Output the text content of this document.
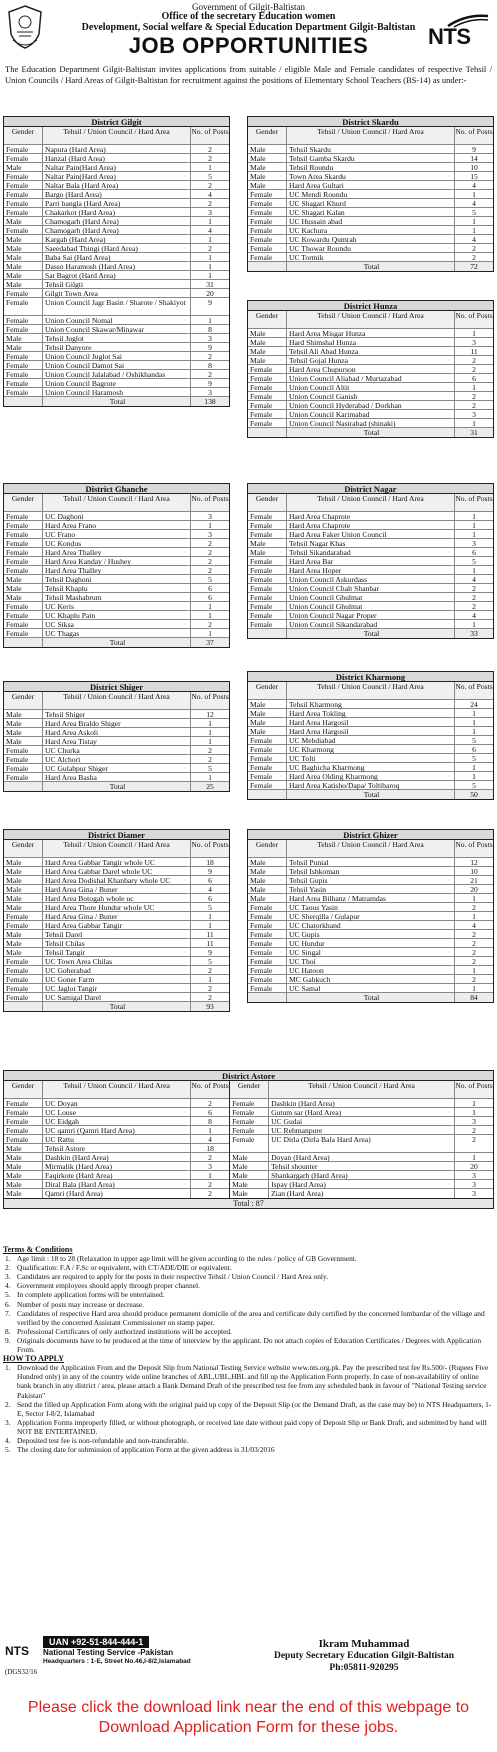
Government of Gilgit-Baltistan
Office of the secretary Education women
Development, Social welfare & Special Education Department Gilgit-Baltistan
JOB OPPORTUNITIES	NTS
The Education Department Gilgit-Baltistan invites applications from suitable / eligible Male and Female candidates of respective Tehsil / Union Councils / Hard Areas of Gilgit-Baltistan for recruitment against the positions of Elementary School Teachers (BS-14) as under:-
District Gilgit
Gender	Tehsil / Union Council / Hard Area	No. of Posts
Female	Napura (Hard Area)	2
Female	Hanzal (Hard Area)	2
Male	Naltar Pain(Hard Area)	1
Female	Naltar Pain(Hard Area)	5
Female	Naltar Bala (Hard Area)	2
Female	Bargo (Hard Area)	4
Female	Parri bangla (Hard Area)	2
Female	Chakarkot (Hard Area)	3
Male	Chamogarh (Hard Area)	1
Female	Chamogarh (Hard Area)	4
Male	Kargah (Hard Area)	1
Male	Saeedabad Thingi (Hard Area)	2
Male	Baba Sai (Hard Area)	1
Male	Dasso Haramosh (Hard Area)	1
Male	Sat Bagrot (Hard Area)	1
Male	Tehsil Gilgti	31
Female	Gilgit Town Area	20
Female	Union Council Jagr Basin / Sharote / Shakiyot	9
Female	Union Council Nomal	1
Female	Union Council Skawar/Minawar	8
Male	Tehsil Juglot	3
Male	Tehsil Danyore	9
Female	Union Council Juglot Sai	2
Female	Union Council Damot Sai	8
Female	Union Council Jalalabad / Oshikhandas	2
Female	Union Council Bagrote	9
Female	Union Council Haramosh	3
Total	138
District Skardu
Gender	Tehsil / Union Council / Hard Area	No. of Posts
Male	Tehsil Skardu	9
Male	Tehsil Gamba Skardu	14
Male	Tehsil Roundu	10
Male	Town Area Skardu	15
Male	Hard Area Gultari	4
Female	UC Mendi Roundu	1
Female	UC Shagari Khurd	4
Female	UC Shagari Kalan	5
Female	UC Hussain abad	1
Female	UC Kachura	1
Female	UC Kowardu Qumrah	4
Female	UC Thowar Roundu	2
Female	UC Tormik	2
Total	72
District Hunza
Gender	Tehsil / Union Council / Hard Area	No. of Posts
Male	Hard Area Misgar Hunza	1
Male	Hard Shimshal Hunza	3
Male	Tehsil Ali Abad Hunza	11
Male	Tehsil Gojal Hunza	2
Female	Hard Area Chupurson	2
Female	Union Council Aliabad / Murtazabad	6
Female	Union Council Altit	1
Female	Union Council Ganish	2
Female	Union Council Hyderabad / Dorkhan	2
Female	Union Council Karimabad	3
Female	Union Council Nasirabad (shinaki)	1
Total	31
District Ghanche
Gender	Tehsil / Union Council / Hard Area	No. of Posts
Female	UC Daghoni	3
Female	Hard Area Frano	1
Female	UC Frano	3
Female	UC Kondus	2
Female	Hard Area Thalley	2
Female	Hard Area Kanday / Hushey	2
Female	Hard Area Thalley	2
Male	Tehsil Daghoni	5
Male	Tehsil Khaplu	6
Male	Tehsil Mashabrum	6
Female	UC Keris	1
Female	UC Khaplu Pain	1
Female	UC Siksa	2
Female	UC Thagas	1
Total	37
District Nagar
Gender	Tehsil / Union Council / Hard Area	No. of Posts
Female	Hard Area Chaprote	1
Female	Hard Area Chaprote	1
Female	Hard Area Faker Union Council	1
Male	Tehsil Nagar Khas	3
Male	Tehsil Sikandarabad	6
Female	Hard Area Bar	5
Female	Hard Area Hoper	1
Female	Union Council Askurdass	4
Female	Union Council Chalt Shanbar	2
Female	Union Council Ghulmat	2
Female	Union Council Ghulmat	2
Female	Union Council Nagar Proper	4
Female	Union Council Sikandarabad	1
Total	33
District Shiger
Gender	Tehsil / Union Council / Hard Area	No. of Posts
Male	Tehsil Shiger	12
Male	Hard Area Braldo Shiger	1
Male	Hard Area Askoli	1
Male	Hard Area Tistay	1
Female	UC Churka	2
Female	UC Alchori	2
Female	UC Gulabpur Shiger	5
Female	Hard Area Basha	1
Total	25
District Kharmong
Gender	Tehsil / Union Council / Hard Area	No. of Posts
Male	Tehsil Kharmong	24
Male	Hard Area Tokling	1
Male	Hard Area Hargosil	1
Male	Hard Area Hargosil	1
Female	UC Mehdiabad	5
Female	UC Kharmong	6
Female	UC Tolti	5
Female	UC Baghicha Kharmong	1
Female	Hard Area Olding Kharmong	1
Female	Hard Area Katisho/Dapa/ Toltibaroq	5
Total	50
District Diamer
Gender	Tehsil / Union Council / Hard Area	No. of Posts
Male	Hard Area Gabbar Tangir whole UC	18
Male	Hard Area Gabbar Darel whole UC	9
Male	Hard Area Dodishal Khanbary whole UC	6
Male	Hard Area Gina / Buner	4
Male	Hard Area Botogah whole uc	6
Male	Hard Area Thore Hundur whole UC	5
Female	Hard Area Gina / Buner	1
Female	Hard Area Gabbar Tangir	1
Male	Tehsil Darel	11
Male	Tehsil Chilas	11
Male	Tehsil Tangir	9
Female	UC Town Area Chilas	5
Female	UC Goherabad	2
Female	UC Goner Farm	1
Female	UC Jaglot Tangir	2
Female	UC Samigal Darel	2
Total	93
District Ghizer
Gender	Tehsil / Union Council / Hard Area	No. of Posts
Male	Tehsil Punial	12
Male	Tehsil Ishkoman	10
Male	Tehsil Gupis	21
Male	Tehsil Yasin	20
Male	Hard Area Bilhanz / Matramdas	1
Female	UC Taous Yasin	2
Female	UC Sherqilla / Gulapur	1
Female	UC Chatorkhand	4
Female	UC Gupis	2
Female	UC Hundur	2
Female	UC Singal	2
Female	UC Thoi	2
Female	UC Hatoon	1
Female	MC Gahkuch	2
Female	UC Samal	1
Total	84
District Astore
Gender	Tehsil / Union Council / Hard Area	No. of Posts
Female	UC Doyan	2
Female	UC Louse	6
Female	UC Eidgah	8
Female	UC qamri (Qamri Hard Area)	1
Female	UC Rattu	4
Male	Tehsil Astore	18
Male	Dashkin (Hard Area)	2
Male	Mirmalik (Hard Area)	3
Male	Faqirkote (Hard Area)	1
Male	Diral Bala (Hard Area)	2
Male	Qamri (Hard Area)	2
Gender	Tehsil / Union Council / Hard Area	No. of Posts
Female	Dashkin (Hard Area)	1
Female	Gutum sar (Hard Area)	1
Female	UC Gudai	3
Female	UC Rehmanpure	2
Female	UC Dirla (Dirla Bala Hard Area)	2
Male	Doyan (Hard Area)	1
Male	Tehsil shounter	20
Male	Shankargarh (Hard Area)	3
Male	Ispay (Hard Area)	3
Male	Zian (Hard Area)	3
Total : 87
Terms & Conditions
1. Age limit : 18 to 28 (Relaxation in upper age limit will be given according to the rules / policy of GB Government.
2. Qualification: F.A / F.Sc or equivalent, with CT/ADE/DIE or equivalent.
3. Candidates are required to apply for the posts in their respective Tehsil / Union Council / Hard Area only.
4. Government employees should apply through proper channel.
5. In complete application forms will be entertained.
6. Number of posts may increase or decrease.
7. Candidates of respective Hard area should produce permanent domicile of the area and certificate duly certified by the concerned lumbardar of the village and verified by the concerned Assistant Commissioner on stamp paper.
8. Professional Certificates of only authorized institutions will be accepted.
9. Originals documents have to be produced at the time of interview by the applicant. Do not attach copies of Education Certificates / Degrees with Application From.
HOW TO APPLY
1. Download the Application From and the Deposit Slip from National Testing Service website www.nts.org.pk. Pay the prescribed test fee Rs.500/- (Rupees Five Hundred only) in any of the country wide online branches of ABL,UBL,HBL and fill up the Application Form properly. In case of non-availability of online bank branch in any district / area, please attach a Bank Demand Draft of the prescribed test fee from any scheduled bank in favour of "National Testing service Pakistan"
2. Send the filled up Application Form along with the original paid up copy of the Deposit Slip (or the Demand Draft, as the case may be) to NTS Headquarters, 1-E, Sector I-8/2, Islamabad
3. Application Forms improperly filled, or without photograph, or received late date without paid copy of Deposit Slip or Bank Draft, and submitted by hand will NOT BE ENTERTAINED.
4. Deposited test fee is non-refundable and non-transferable.
5. The closing date for submission of application Form at the given address is 31/03/2016
NTS
UAN +92-51-844-444-1
National Testing Service -Pakistan
Headquarters : 1-E, Street No.46,I-8/2,Islamabad
(DGS32/16
Ikram Muhammad
Deputy Secretary Education Gilgit-Baltistan
Ph:05811-920295
Please click the download link near the end of this webpage to Download Application Form for these jobs.
